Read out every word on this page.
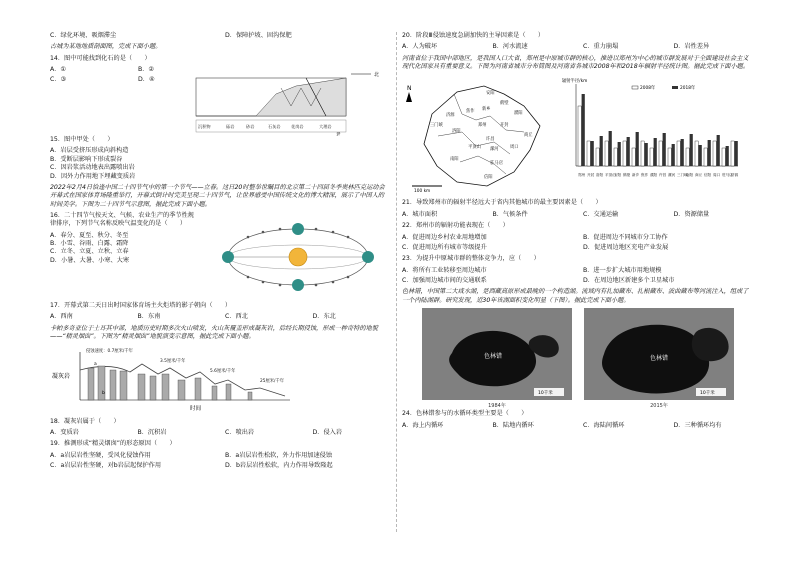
C．绿化环境、吸烟滞尘	D．保障护坡、固沟保肥
古城为某地地质剖面图，完成下面小题。
14．图中可能找到化石的是（　　）
A．①
C．③
B．②
D．④
北
沉积物	砾岩	砂岩	石灰岩 花岗岩	大理岩
老
15．图中甲处（　　）
A．岩层受挤压形成向斜构造
B．受断层影响下形成裂谷
C．因岩浆活动地表出露喷出岩
D．因外力作用地下埋藏变质岩
2022年2月4日恰逢中国二十四节气中的第一个节气——立春。这日20时整举世瞩目的北京第二十四届冬季奥林匹克运动会开幕式在国家体育场隆重举行，开幕式倒计时完美呈现二十四节气，让世界感受中国传统文化的博大精深，展示了中国人的时间美学。下图为二十四节气示意图，据此完成下面小题。
16．二十四节气按天文、气候、农业生产的季节性规律排序，下列节气名称反映气温变化的是（　　）
A．春分、夏至、秋分、冬至
B．小雪、谷雨、白露、霜降
C．立冬、立夏、立秋、立春
D．小暑、大暑、小寒、大寒
17．开幕式第二天日出时国家体育场主火炬塔的影子朝向（　　）
A．西南	B．东南	C．西北	D．东北
卡帕多奇亚位于土耳其中部，地质历史时期多次火山喷发，火山灰覆盖形成凝灰岩，后经长期侵蚀，形成一种奇特的地貌——“精灵烟囱”。下图为“精灵烟囱”地貌演变示意图，据此完成下面小题。
凝灰岩
侵蚀速度：0.7厘米/千年
3.5厘米/千年
5.6厘米/千年
25厘米/千年
时间
a
b
18．凝灰岩属于（　　）
A．变质岩	B．沉积岩	C．喷出岩	D．侵入岩
19．推测形成“精灵烟囱”的形态原因（　　）
A．a岩层岩性坚硬，受风化侵蚀作用	B．a岩层岩性松软，外力作用加速侵蚀
C．a岩层岩性坚硬，对b岩层起保护作用	D．b岩层岩性松软，内力作用导致隆起
20．阶段Ⅲ侵蚀速度急剧加快的主导因素是（　　）
A．人为破坏	B．河水流速	C．重力崩塌	D．岩性差异
河南省位于我国中部地区，是我国人口大省，郑州是中原城市群的核心，推进以郑州为中心的城市群发展对于全面建设社会主义现代化国家具有重要意义。下图为河南省城市分布简图及河南省各城市2008年和2018年辐射半径统计图。据此完成下面小题。
N
100 km
安阳
鹤壁
新乡
焦作
济源	濮阳
郑州	开封
商丘
洛阳
三门峡
许昌
平顶山 漯河	周口
南阳
驻马店
信阳
辐射半径/km
2008年	2018年
郑州 开封 洛阳 平顶山
安阳 鹤壁 新乡 焦作 濮阳 许昌 漯河 三门峡
南阳 商丘 信阳 周口 驻马店
济源
21．导致郑州市的辐射半径远大于省内其他城市的最主要因素是（　　）
A．城市面积	B．气候条件	C．交通运输	D．资源储量
22．郑州市的辐射功能表现在（　　）
A．促进周边乡村农业用地增加	B．促进周边不同城市分工协作
C．促进周边所有城市等级提升	D．促进周边地区充电产业发展
23．为提升中原城市群的整体竞争力，应（　　）
A．将所有工业转移至周边城市	B．进一步扩大城市用地规模
C．加强周边城市间的交通联系	D．在周边地区新建多个卫星城市
色林错，中国第二大咸水湖，是西藏高原形成最晚的一个构造湖。流域内有扎加藏布、扎根藏布、波曲藏布等河流注入，组成了一个内陆湖群。研究发现，近30年该湖面积变化明显（下图）。据此完成下面小题。
色林错
10千米
1984年
色林错
10千米
2015年
24．色林错参与的水循环类型主要是（　　）
A．海上内循环	B．陆地内循环	C．海陆间循环	D．三种循环均有
